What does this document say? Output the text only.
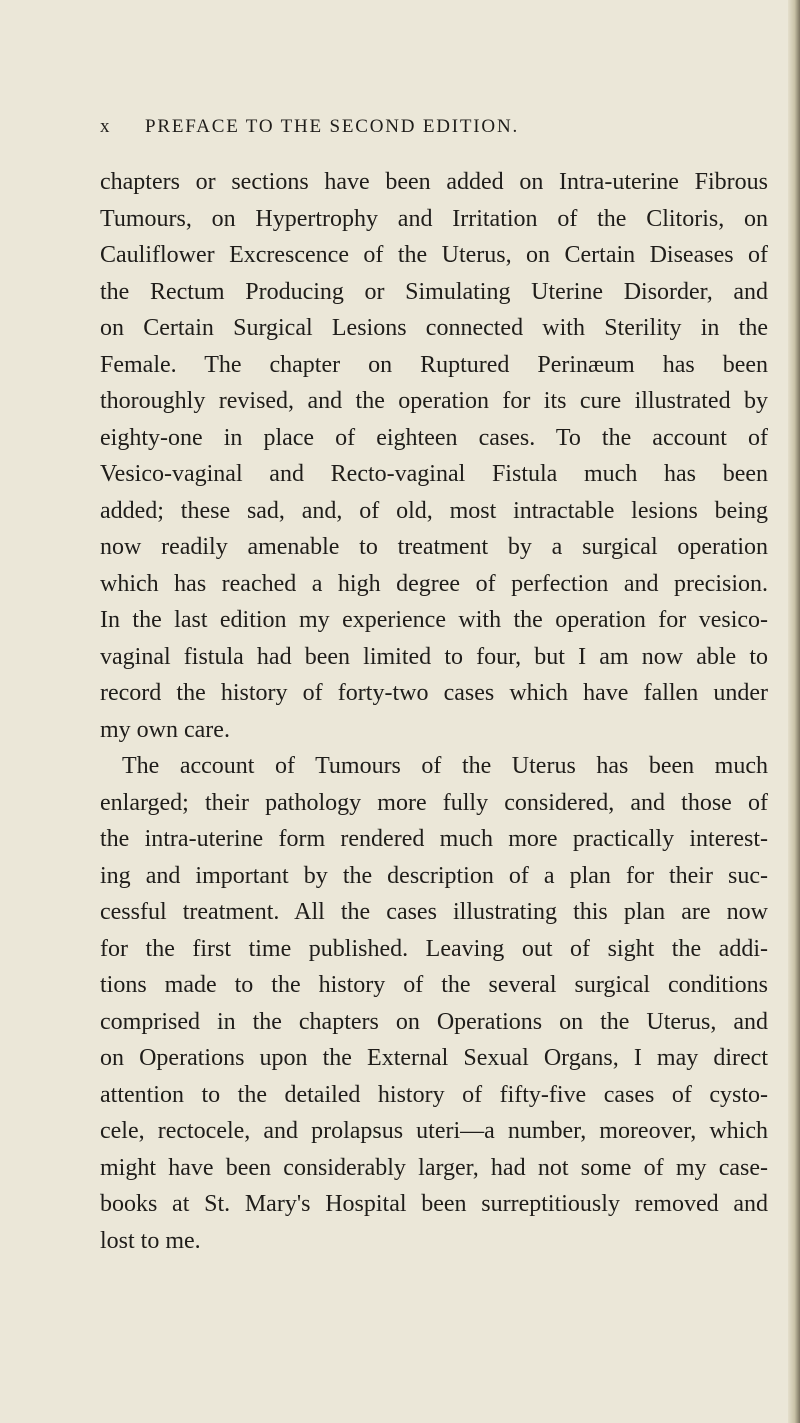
x PREFACE TO THE SECOND EDITION.
chapters or sections have been added on Intra-uterine Fibrous
Tumours, on Hypertrophy and Irritation of the Clitoris, on
Cauliflower Excrescence of the Uterus, on Certain Diseases of
the Rectum Producing or Simulating Uterine Disorder, and
on Certain Surgical Lesions connected with Sterility in the
Female. The chapter on Ruptured Perinæum has been
thoroughly revised, and the operation for its cure illustrated by
eighty-one in place of eighteen cases. To the account of
Vesico-vaginal and Recto-vaginal Fistula much has been
added; these sad, and, of old, most intractable lesions being
now readily amenable to treatment by a surgical operation
which has reached a high degree of perfection and precision.
In the last edition my experience with the operation for vesico-
vaginal fistula had been limited to four, but I am now able to
record the history of forty-two cases which have fallen under
my own care.
The account of Tumours of the Uterus has been much
enlarged; their pathology more fully considered, and those of
the intra-uterine form rendered much more practically interest-
ing and important by the description of a plan for their suc-
cessful treatment. All the cases illustrating this plan are now
for the first time published. Leaving out of sight the addi-
tions made to the history of the several surgical conditions
comprised in the chapters on Operations on the Uterus, and
on Operations upon the External Sexual Organs, I may direct
attention to the detailed history of fifty-five cases of cysto-
cele, rectocele, and prolapsus uteri—a number, moreover, which
might have been considerably larger, had not some of my case-
books at St. Mary's Hospital been surreptitiously removed and
lost to me.
